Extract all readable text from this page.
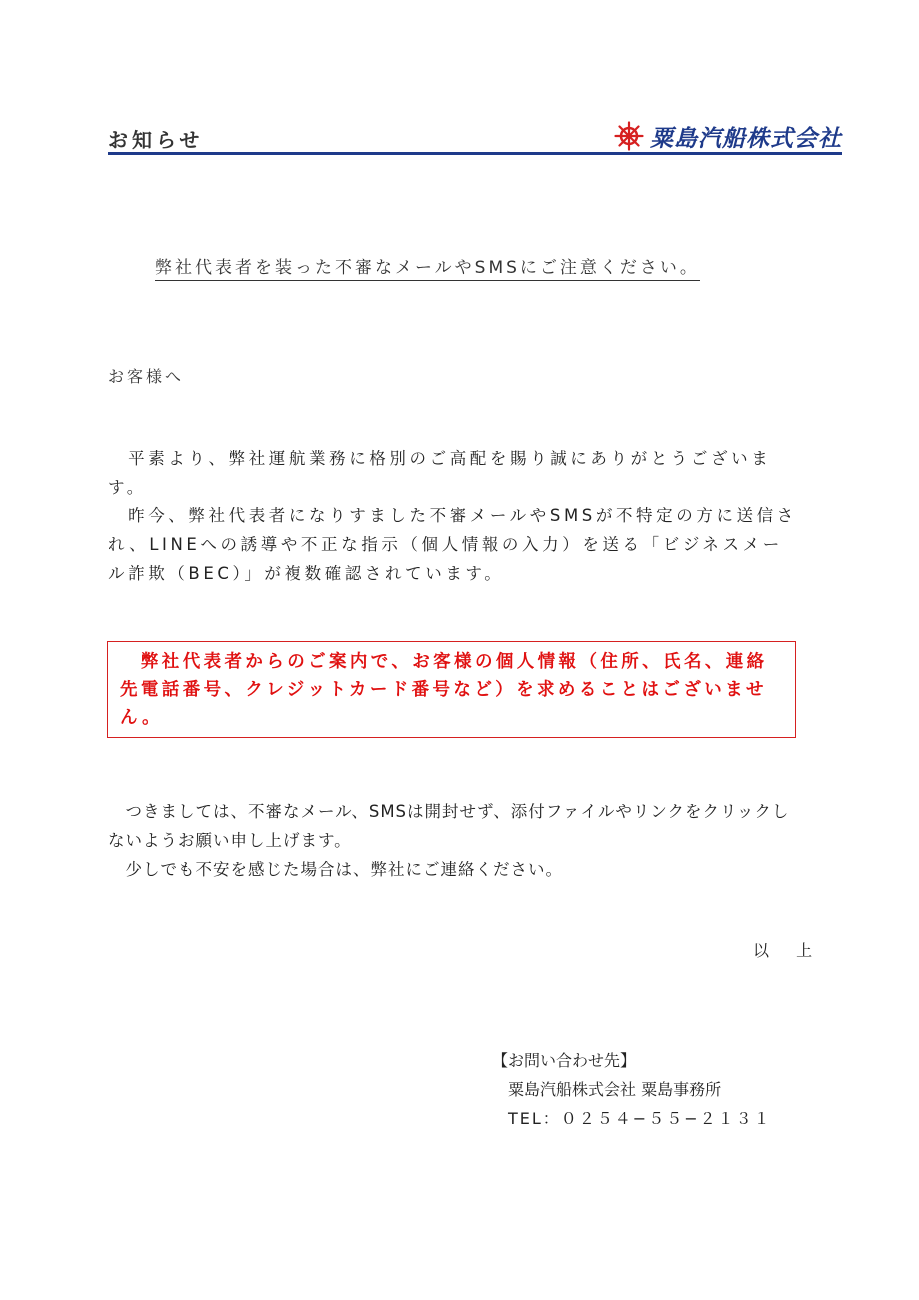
お知らせ	粟島汽船株式会社
弊社代表者を装った不審なメールやSMSにご注意ください。
お客様へ
　平素より、弊社運航業務に格別のご高配を賜り誠にありがとうございます。
　昨今、弊社代表者になりすました不審メールやSMSが不特定の方に送信され、LINEへの誘導や不正な指示（個人情報の入力）を送る「ビジネスメール詐欺（BEC）」が複数確認されています。
　弊社代表者からのご案内で、お客様の個人情報（住所、氏名、連絡先電話番号、クレジットカード番号など）を求めることはございません。
　つきましては、不審なメール、SMSは開封せず、添付ファイルやリンクをクリックしないようお願い申し上げます。
　少しでも不安を感じた場合は、弊社にご連絡ください。
以 上
【お問い合わせ先】
粟島汽船株式会社 粟島事務所
TEL：０２５４−５５−２１３１
